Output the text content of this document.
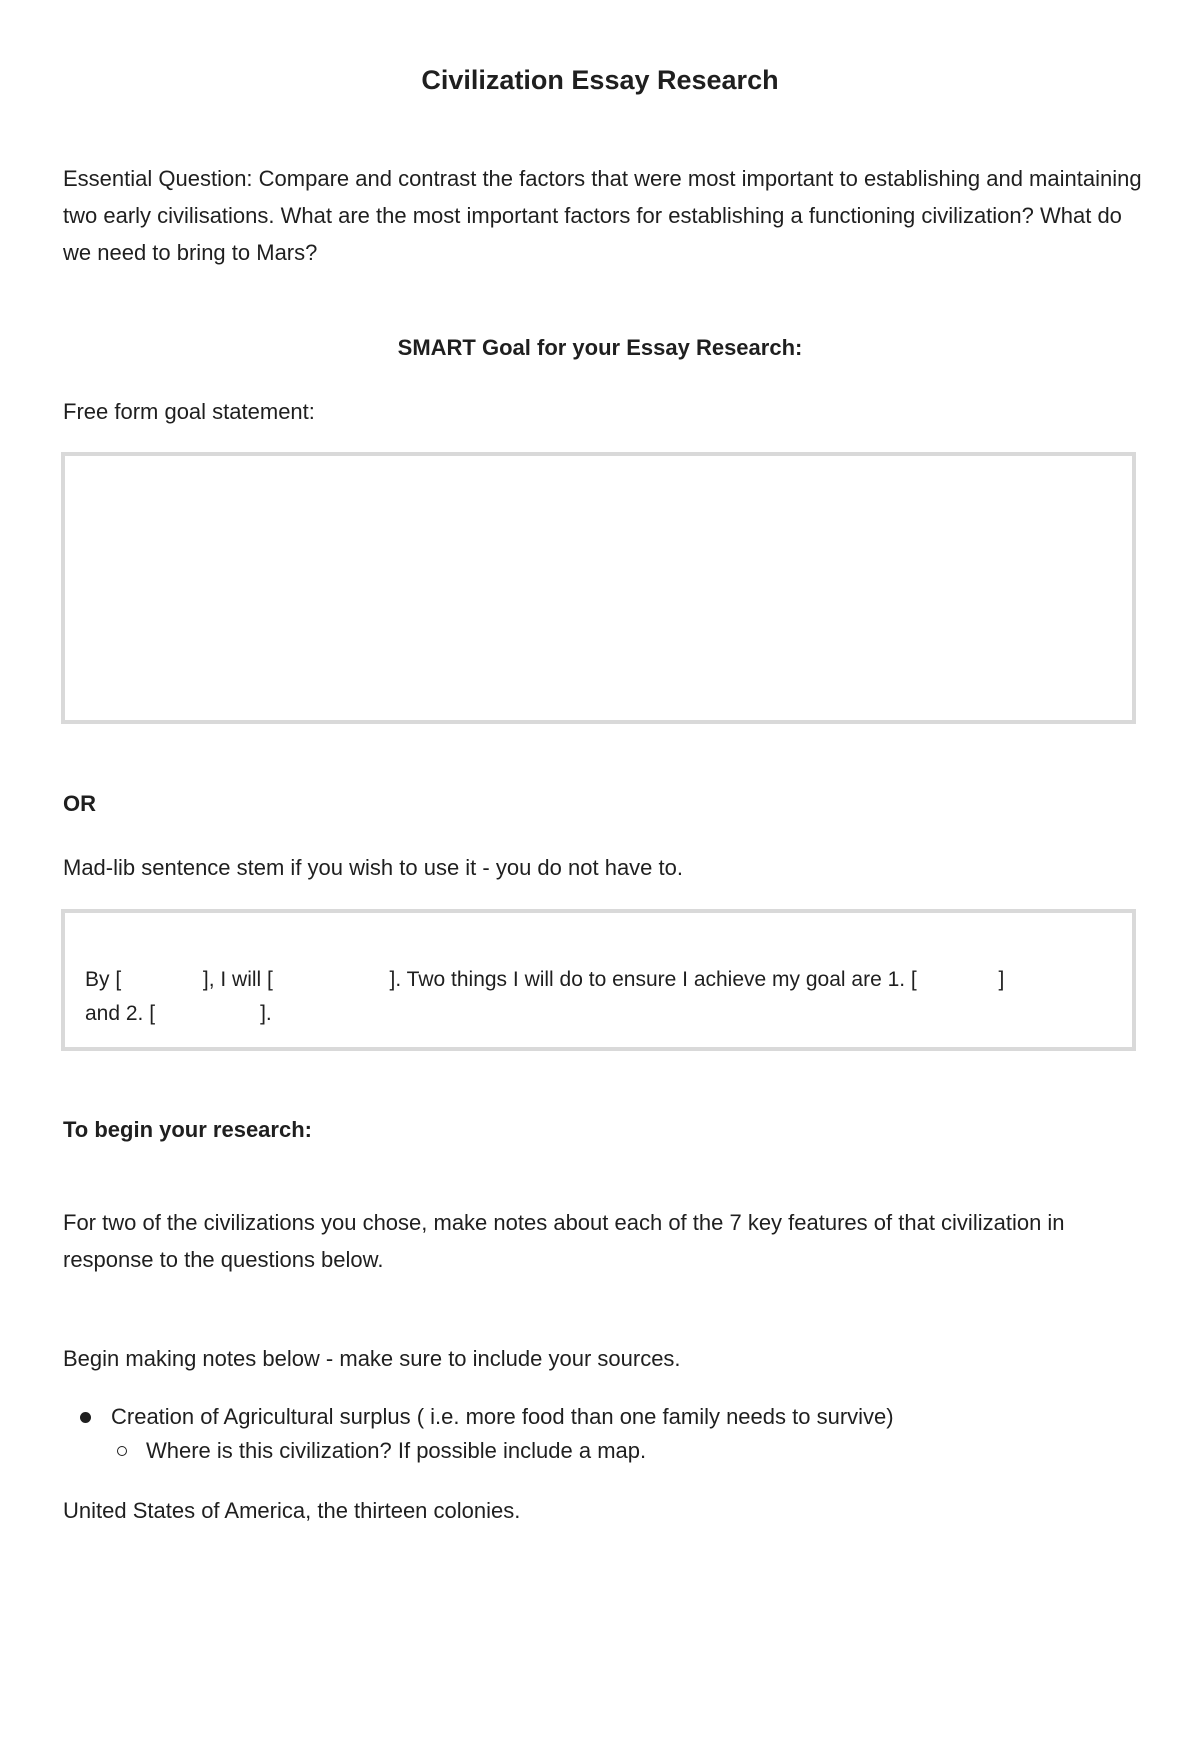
Civilization Essay Research
Essential Question: Compare and contrast the factors that were most important to establishing and maintaining two early civilisations. What are the most important factors for establishing a functioning civilization? What do we need to bring to Mars?
SMART Goal for your Essay Research:
Free form goal statement:
OR
Mad-lib sentence stem if you wish to use it - you do not have to.
By [              ], I will [                    ]. Two things I will do to ensure I achieve my goal are 1. [              ]
and 2. [                  ].
To begin your research:
For two of the civilizations you chose, make notes about each of the 7 key features of that civilization in response to the questions below.
Begin making notes below - make sure to include your sources.
Creation of Agricultural surplus ( i.e. more food than one family needs to survive)
Where is this civilization? If possible include a map.
United States of America, the thirteen colonies.
